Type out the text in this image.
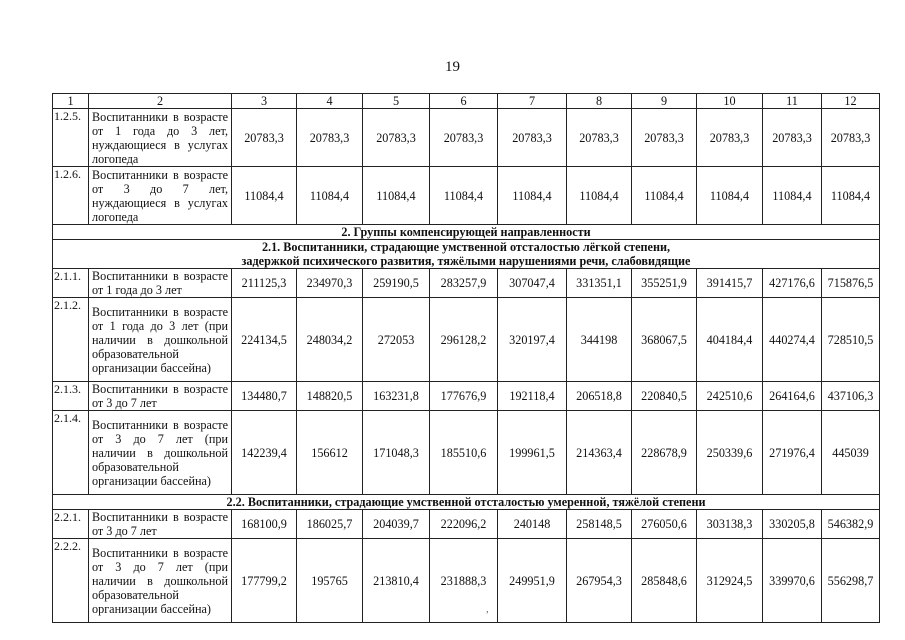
19
1	2	3	4	5	6	7	8	9	10	11	12
1.2.5.	Воспитанники в возрасте от 1 года до 3 лет, нуждающиеся в услугах логопеда	20783,3	20783,3	20783,3	20783,3	20783,3	20783,3	20783,3	20783,3	20783,3	20783,3
1.2.6.	Воспитанники в возрасте от 3 до 7 лет, нуждающиеся в услугах логопеда	11084,4	11084,4	11084,4	11084,4	11084,4	11084,4	11084,4	11084,4	11084,4	11084,4

2. Группы компенсирующей направленности											

2.1. Воспитанники, страдающие умственной отсталостью лёгкой степени,
задержкой психического развития, тяжёлыми нарушениями речи, слабовидящие											

2.1.1.	Воспитанники в возрасте от 1 года до 3 лет	211125,3	234970,3	259190,5	283257,9	307047,4	331351,1	355251,9	391415,7	427176,6	715876,5
2.1.2.	Воспитанники в возрасте от 1 года до 3 лет (при наличии в дошкольной образовательной организации бассейна)	224134,5	248034,2	272053	296128,2	320197,4	344198	368067,5	404184,4	440274,4	728510,5
2.1.3.	Воспитанники в возрасте от 3 до 7 лет	134480,7	148820,5	163231,8	177676,9	192118,4	206518,8	220840,5	242510,6	264164,6	437106,3
2.1.4.	Воспитанники в возрасте от 3 до 7 лет (при наличии в дошкольной образовательной организации бассейна)	142239,4	156612	171048,3	185510,6	199961,5	214363,4	228678,9	250339,6	271976,4	445039

2.2. Воспитанники, страдающие умственной отсталостью умеренной, тяжёлой степени											

2.2.1.	Воспитанники в возрасте от 3 до 7 лет	168100,9	186025,7	204039,7	222096,2	240148	258148,5	276050,6	303138,3	330205,8	546382,9
2.2.2.	Воспитанники в возрасте от 3 до 7 лет (при наличии в дошкольной образовательной организации бассейна)	177799,2	195765	213810,4	231888,3	249951,9	267954,3	285848,6	312924,5	339970,6	556298,7
,
